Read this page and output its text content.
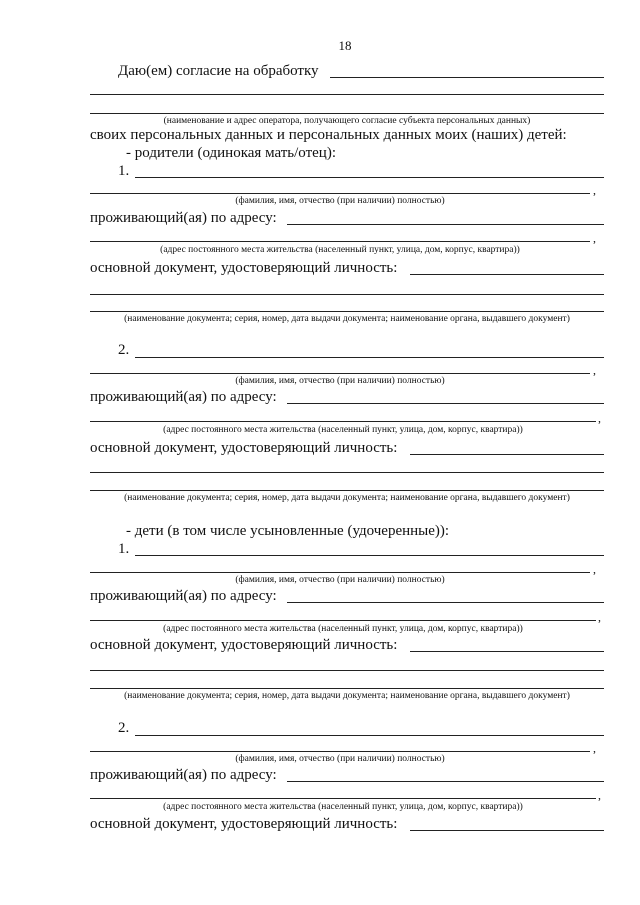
18
Даю(ем) согласие на обработку
(наименование и адрес оператора, получающего согласие субъекта персональных данных)
своих персональных данных и персональных данных моих (наших) детей:
- родители (одинокая мать/отец):
1.
,
(фамилия, имя, отчество (при наличии) полностью)
проживающий(ая) по адресу:
,
(адрес постоянного места жительства (населенный пункт, улица, дом, корпус, квартира))
основной документ, удостоверяющий личность:
(наименование документа; серия, номер, дата выдачи документа; наименование органа, выдавшего документ)
2.
,
(фамилия, имя, отчество (при наличии) полностью)
проживающий(ая) по адресу:
,
(адрес постоянного места жительства (населенный пункт, улица, дом, корпус, квартира))
основной документ, удостоверяющий личность:
(наименование документа; серия, номер, дата выдачи документа; наименование органа, выдавшего документ)
- дети (в том числе усыновленные (удочеренные)):
1.
,
(фамилия, имя, отчество (при наличии) полностью)
проживающий(ая) по адресу:
,
(адрес постоянного места жительства (населенный пункт, улица, дом, корпус, квартира))
основной документ, удостоверяющий личность:
(наименование документа; серия, номер, дата выдачи документа; наименование органа, выдавшего документ)
2.
,
(фамилия, имя, отчество (при наличии) полностью)
проживающий(ая) по адресу:
,
(адрес постоянного места жительства (населенный пункт, улица, дом, корпус, квартира))
основной документ, удостоверяющий личность:
